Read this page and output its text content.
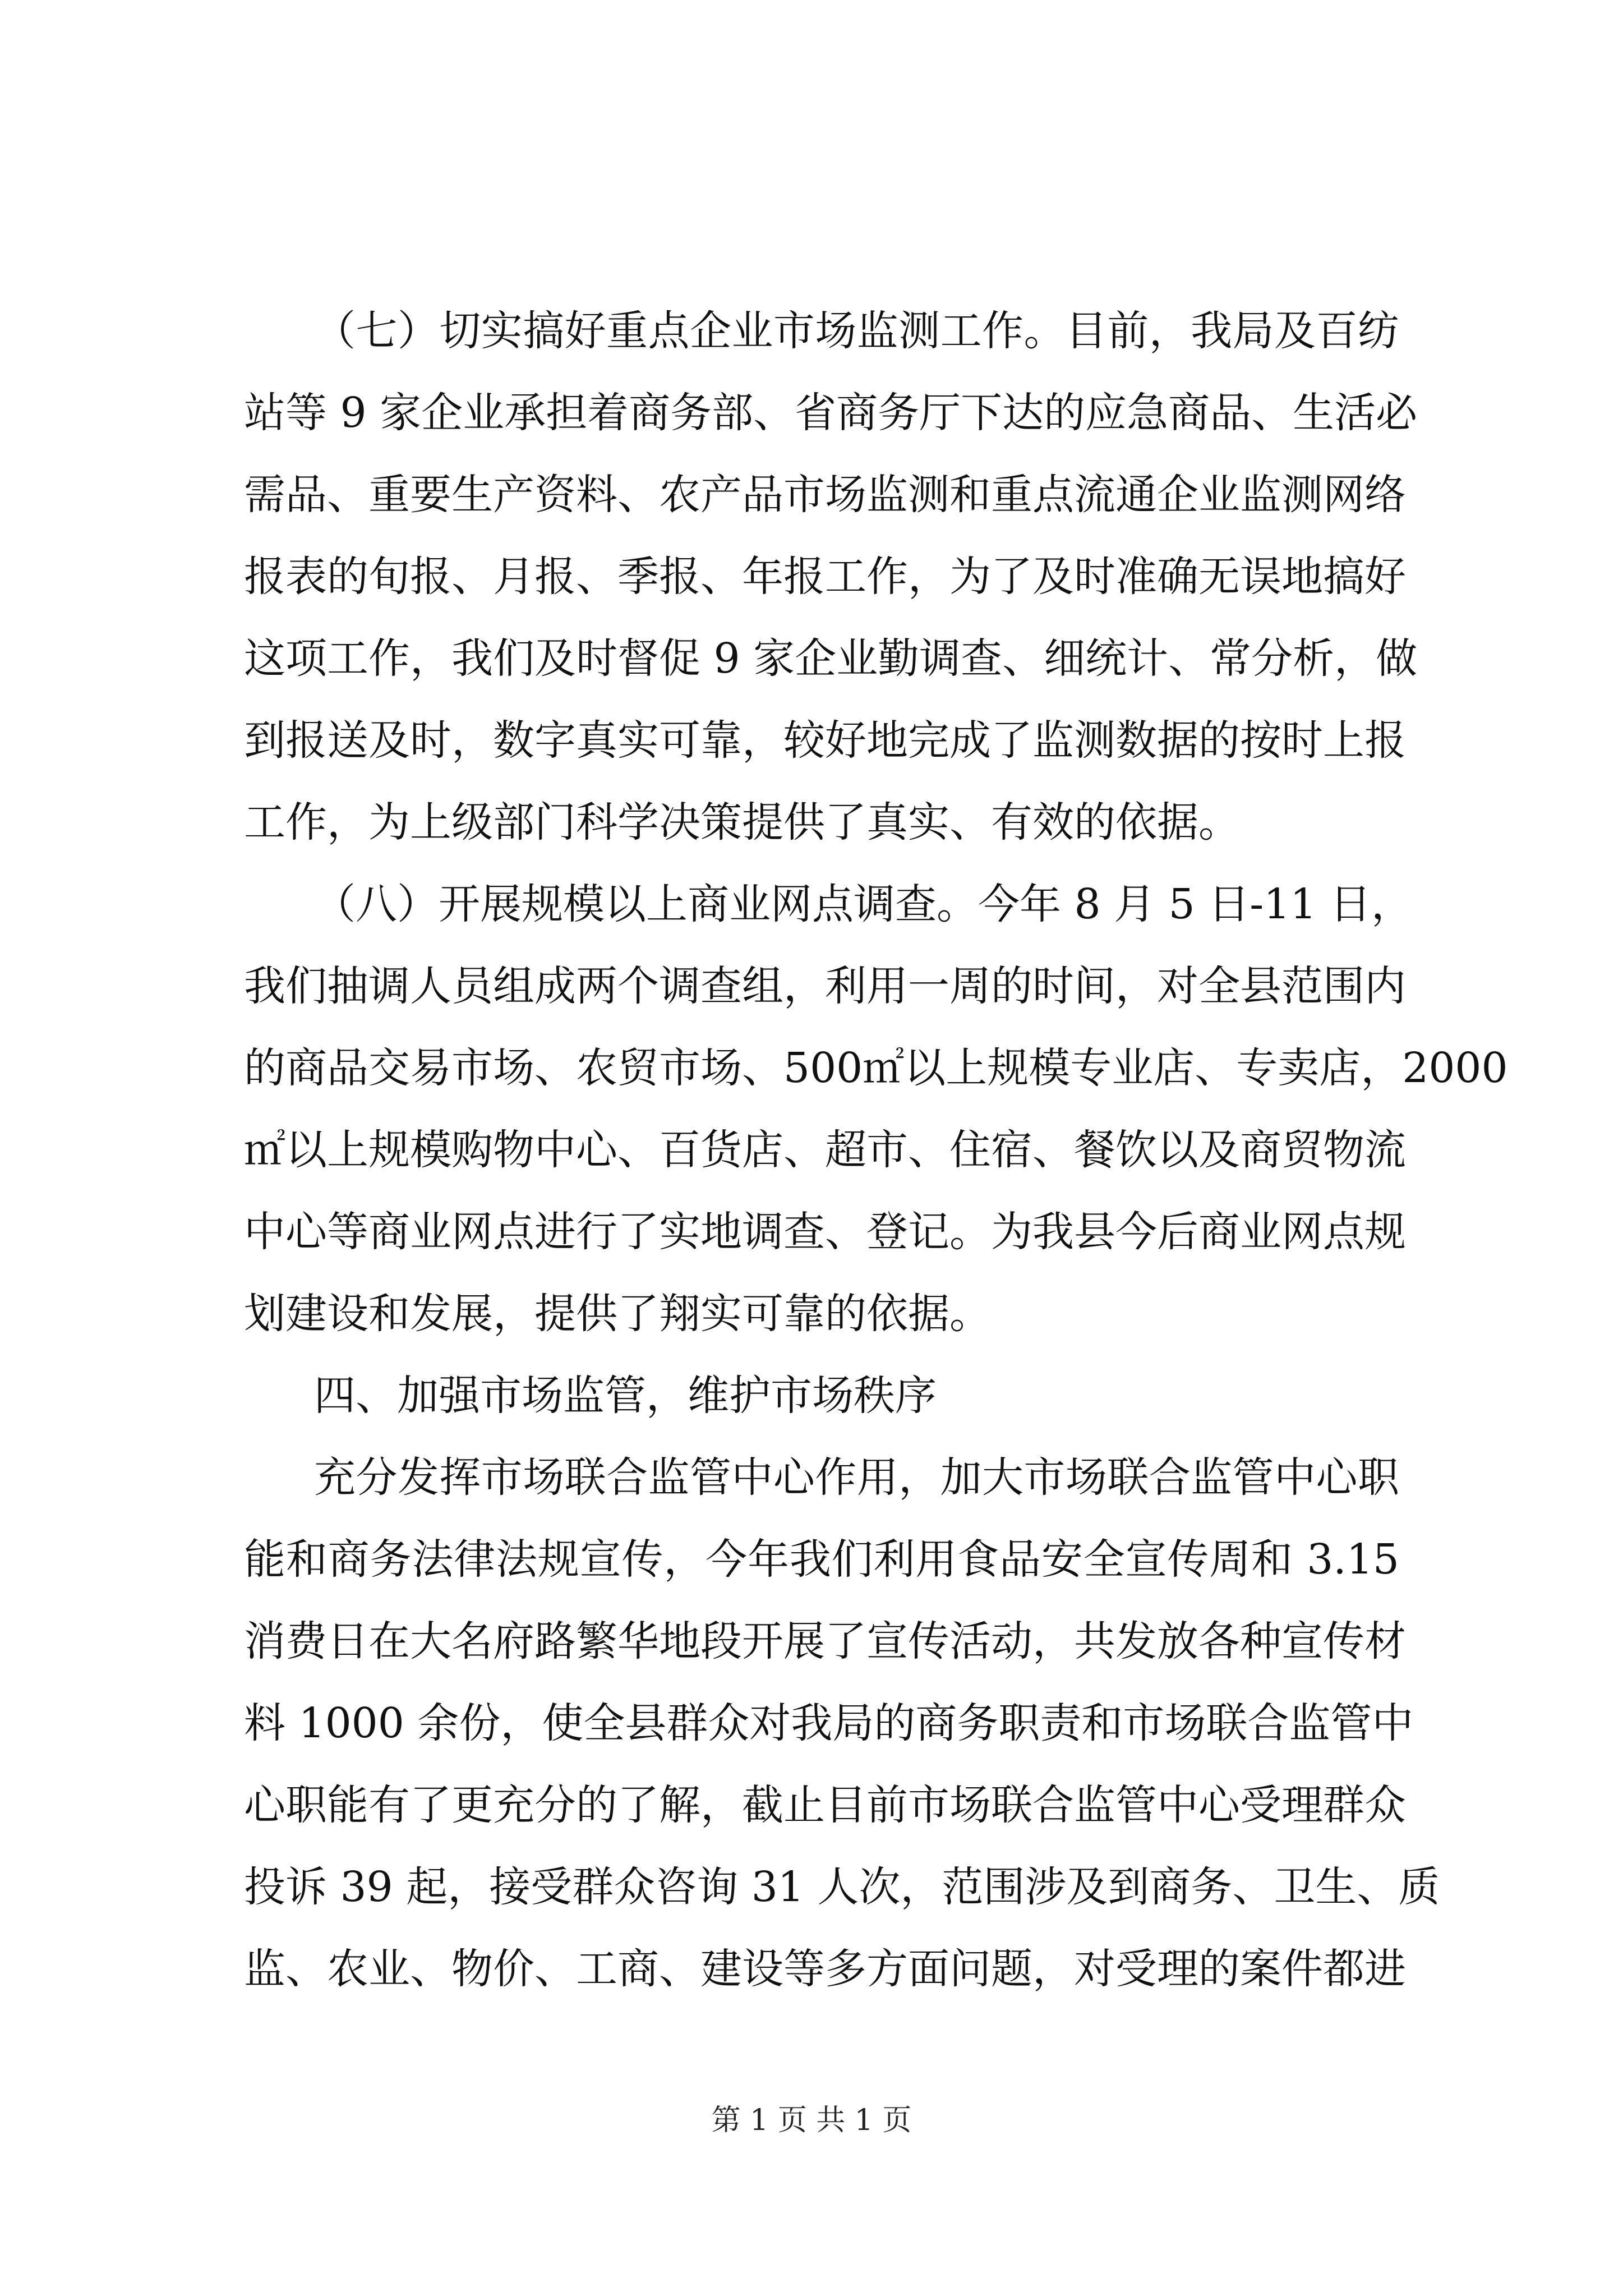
（七）切实搞好重点企业市场监测工作。目前，我局及百纺
站等 9 家企业承担着商务部、省商务厅下达的应急商品、生活必
需品、重要生产资料、农产品市场监测和重点流通企业监测网络
报表的旬报、月报、季报、年报工作，为了及时准确无误地搞好
这项工作，我们及时督促 9 家企业勤调查、细统计、常分析，做
到报送及时，数字真实可靠，较好地完成了监测数据的按时上报
工作，为上级部门科学决策提供了真实、有效的依据。
（八）开展规模以上商业网点调查。今年 8 月 5 日-11 日，
我们抽调人员组成两个调查组，利用一周的时间，对全县范围内
的商品交易市场、农贸市场、500㎡以上规模专业店、专卖店，2000
㎡以上规模购物中心、百货店、超市、住宿、餐饮以及商贸物流
中心等商业网点进行了实地调查、登记。为我县今后商业网点规
划建设和发展，提供了翔实可靠的依据。
四、加强市场监管，维护市场秩序
充分发挥市场联合监管中心作用，加大市场联合监管中心职
能和商务法律法规宣传，今年我们利用食品安全宣传周和 3.15
消费日在大名府路繁华地段开展了宣传活动，共发放各种宣传材
料 1000 余份，使全县群众对我局的商务职责和市场联合监管中
心职能有了更充分的了解，截止目前市场联合监管中心受理群众
投诉 39 起，接受群众咨询 31 人次，范围涉及到商务、卫生、质
监、农业、物价、工商、建设等多方面问题，对受理的案件都进
第 1 页 共 1 页
